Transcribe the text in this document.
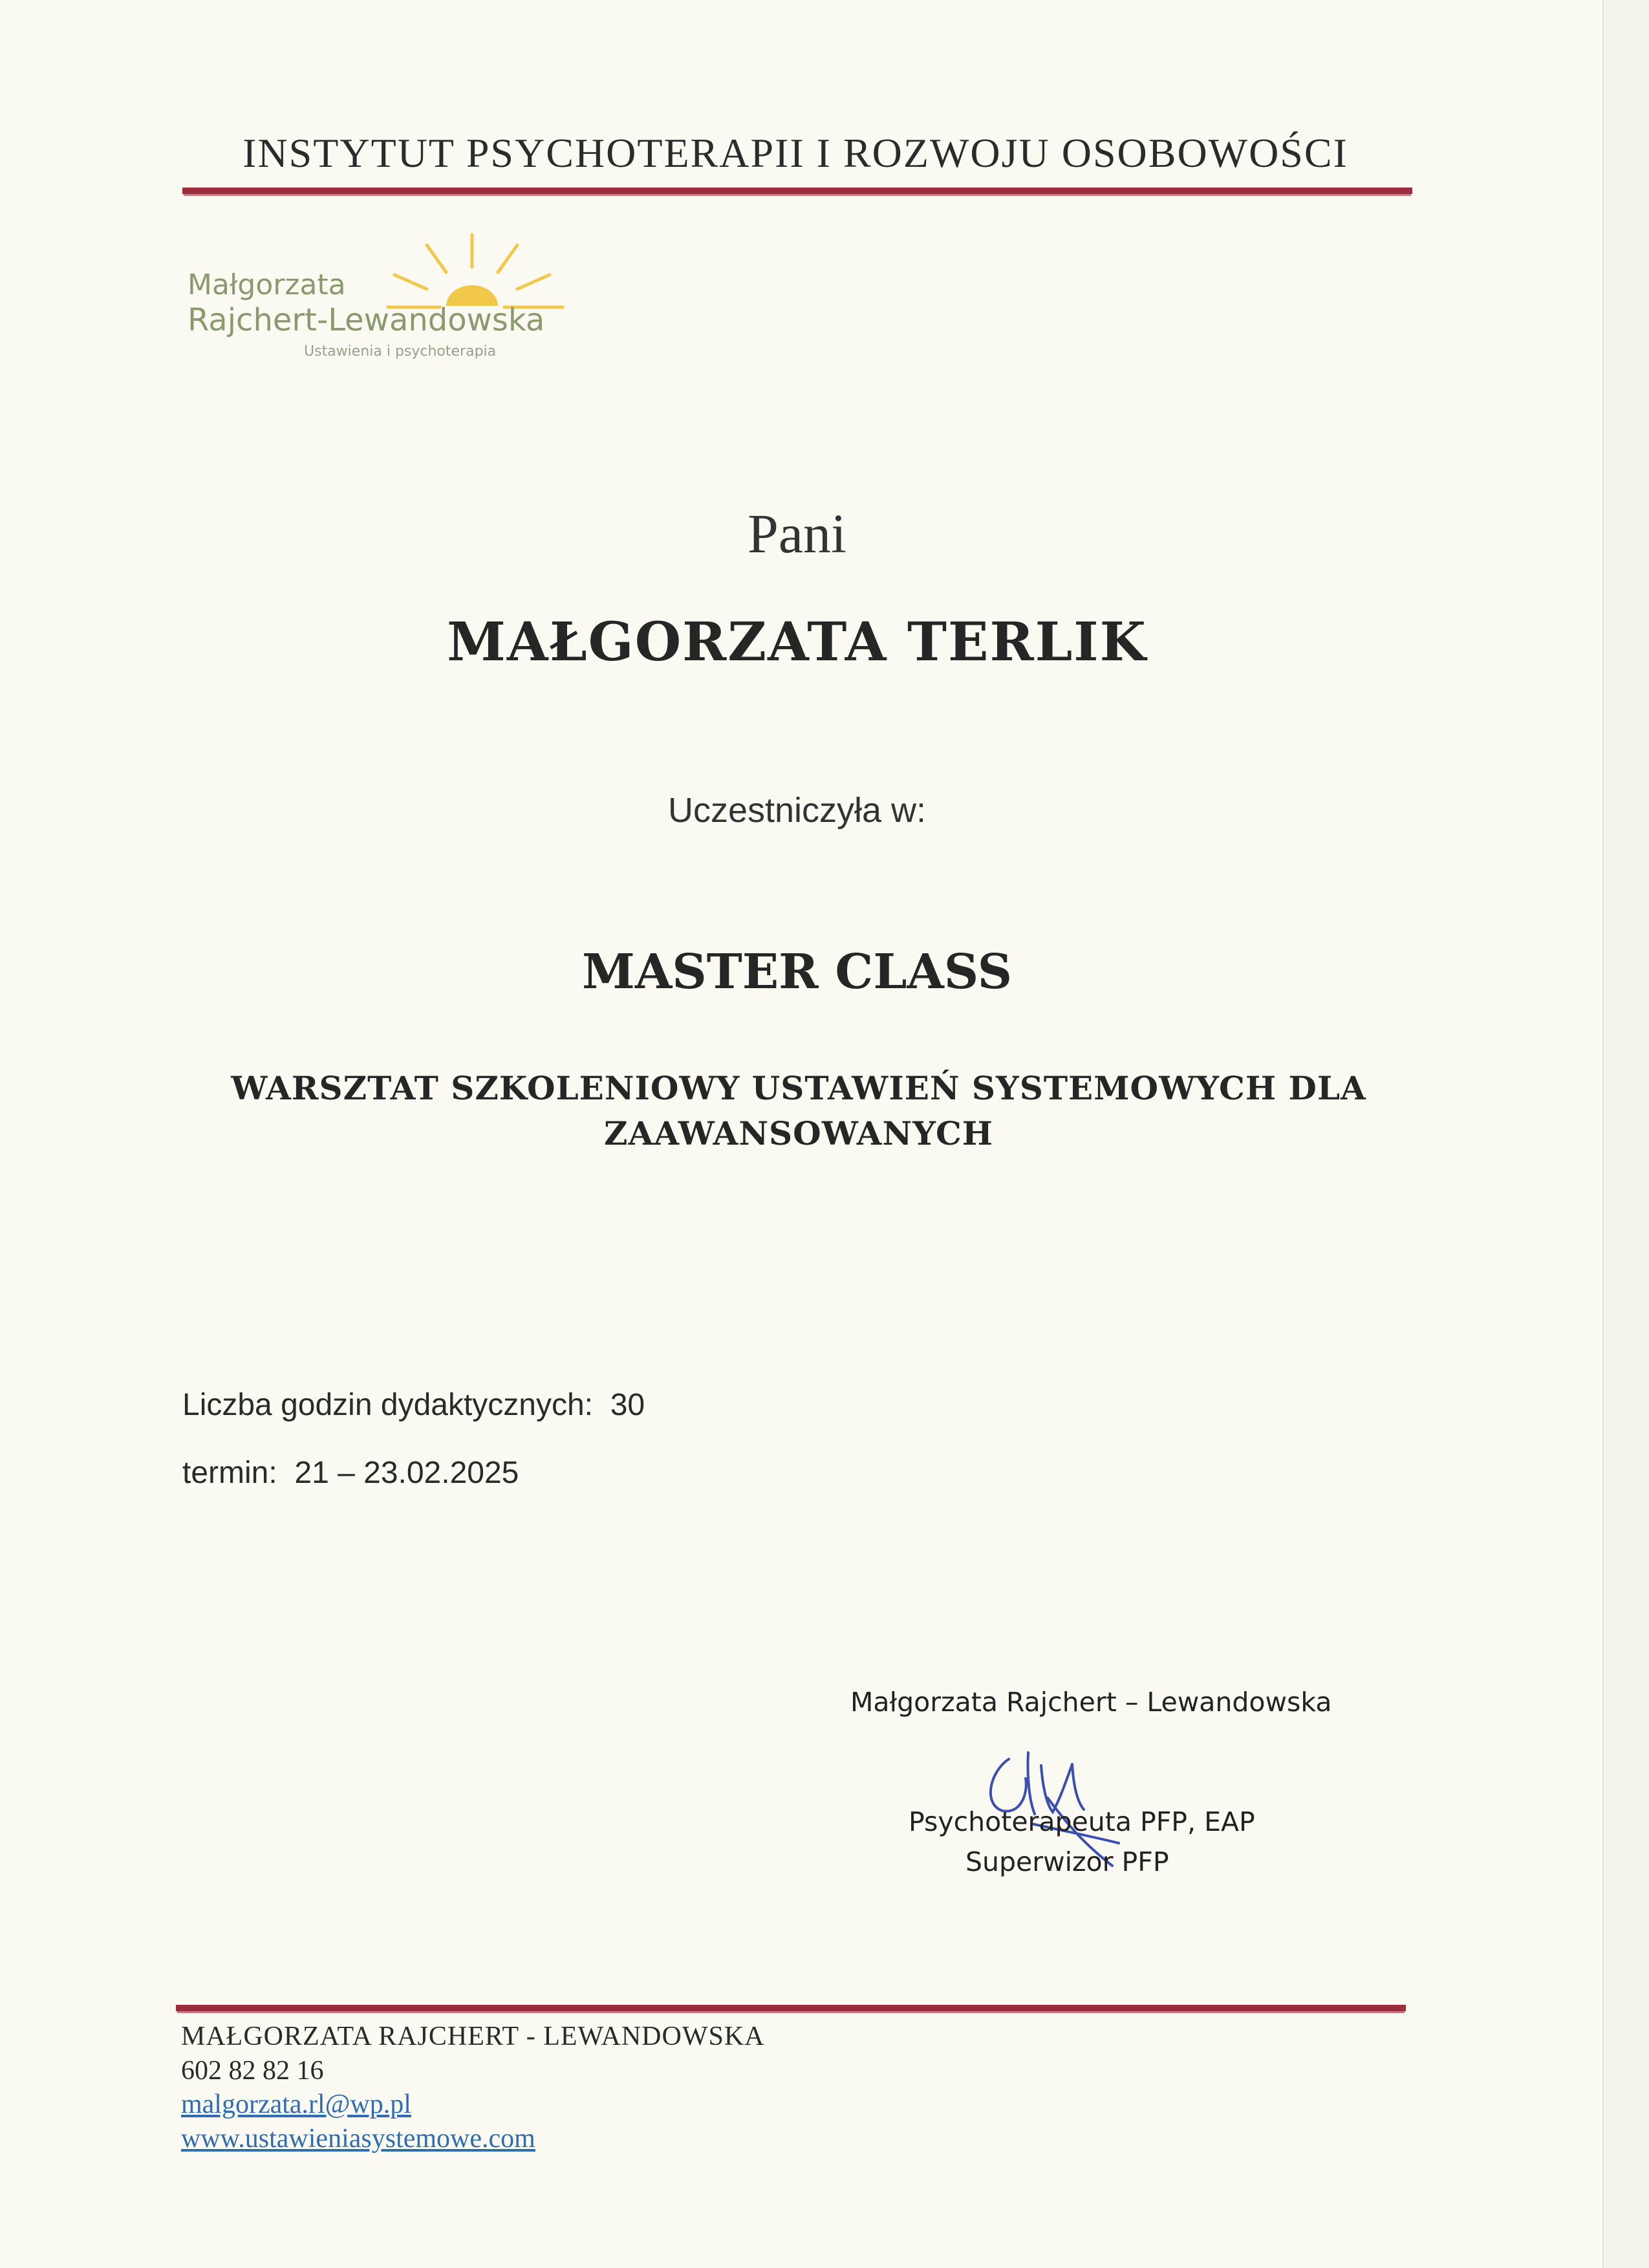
INSTYTUT PSYCHOTERAPII I ROZWOJU OSOBOWOŚCI
Małgorzata
Rajchert-Lewandowska
Ustawienia i psychoterapia
Pani
MAŁGORZATA TERLIK
Uczestniczyła w:
MASTER CLASS
WARSZTAT SZKOLENIOWY USTAWIEŃ SYSTEMOWYCH DLA
ZAAWANSOWANYCH
Liczba godzin dydaktycznych:  30
termin:  21 – 23.02.2025
Małgorzata Rajchert – Lewandowska
Psychoterapeuta PFP, EAP
Superwizor PFP
MAŁGORZATA RAJCHERT - LEWANDOWSKA
602 82 82 16
malgorzata.rl@wp.pl
www.ustawieniasystemowe.com
